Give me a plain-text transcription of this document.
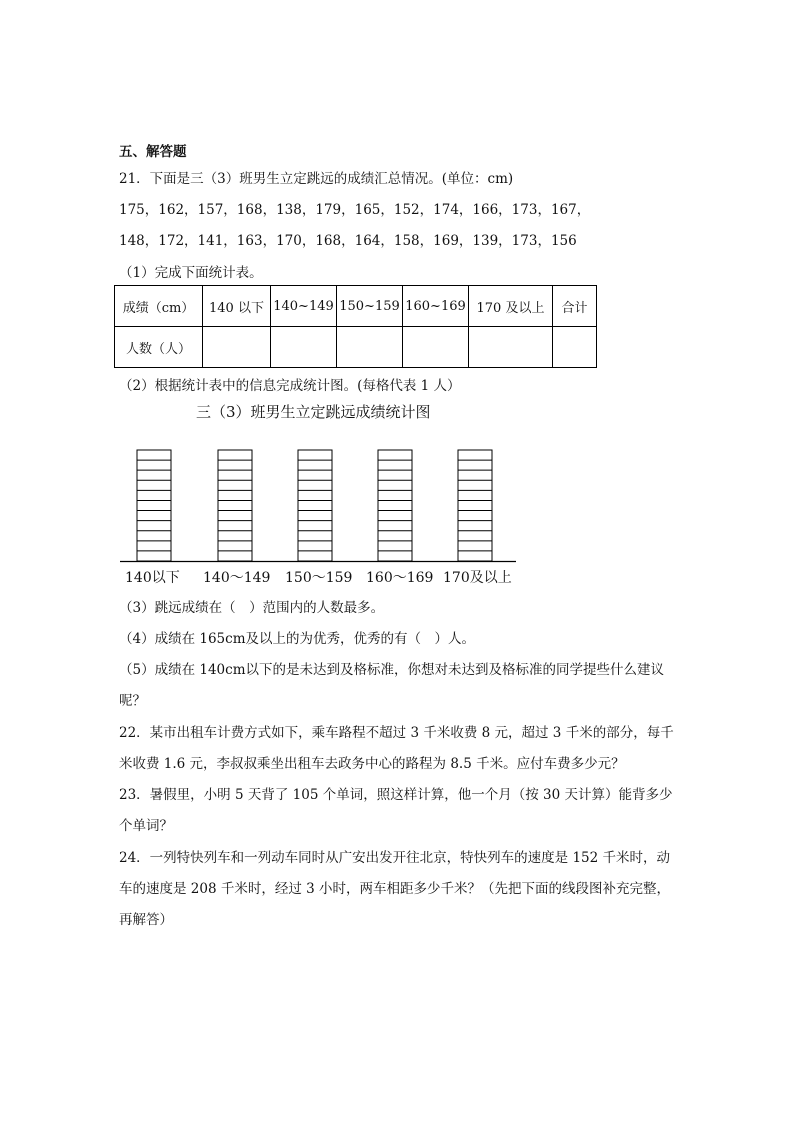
五、解答题
21．下面是三（3）班男生立定跳远的成绩汇总情况。(单位：cm)
175，162，157，168，138，179，165，152，174，166，173，167，
148，172，141，163，170，168，164，158，169，139，173，156
（1）完成下面统计表。
成绩（cm）	140 以下	140~149	150~159	160~169	170 及以上	合计
人数（人）						
（2）根据统计表中的信息完成统计图。(每格代表 1 人）
三（3）班男生立定跳远成绩统计图
140以下 140～149 150～159 160～169 170及以上
（3）跳远成绩在（　）范围内的人数最多。
（4）成绩在 165cm及以上的为优秀，优秀的有（　）人。
（5）成绩在 140cm以下的是未达到及格标准，你想对未达到及格标准的同学提些什么建议
呢？
22．某市出租车计费方式如下，乘车路程不超过 3 千米收费 8 元，超过 3 千米的部分，每千
米收费 1.6 元，李叔叔乘坐出租车去政务中心的路程为 8.5 千米。应付车费多少元？
23．暑假里，小明 5 天背了 105 个单词，照这样计算，他一个月（按 30 天计算）能背多少
个单词？
24．一列特快列车和一列动车同时从广安出发开往北京，特快列车的速度是 152 千米时，动
车的速度是 208 千米时，经过 3 小时，两车相距多少千米？（先把下面的线段图补充完整，
再解答）
